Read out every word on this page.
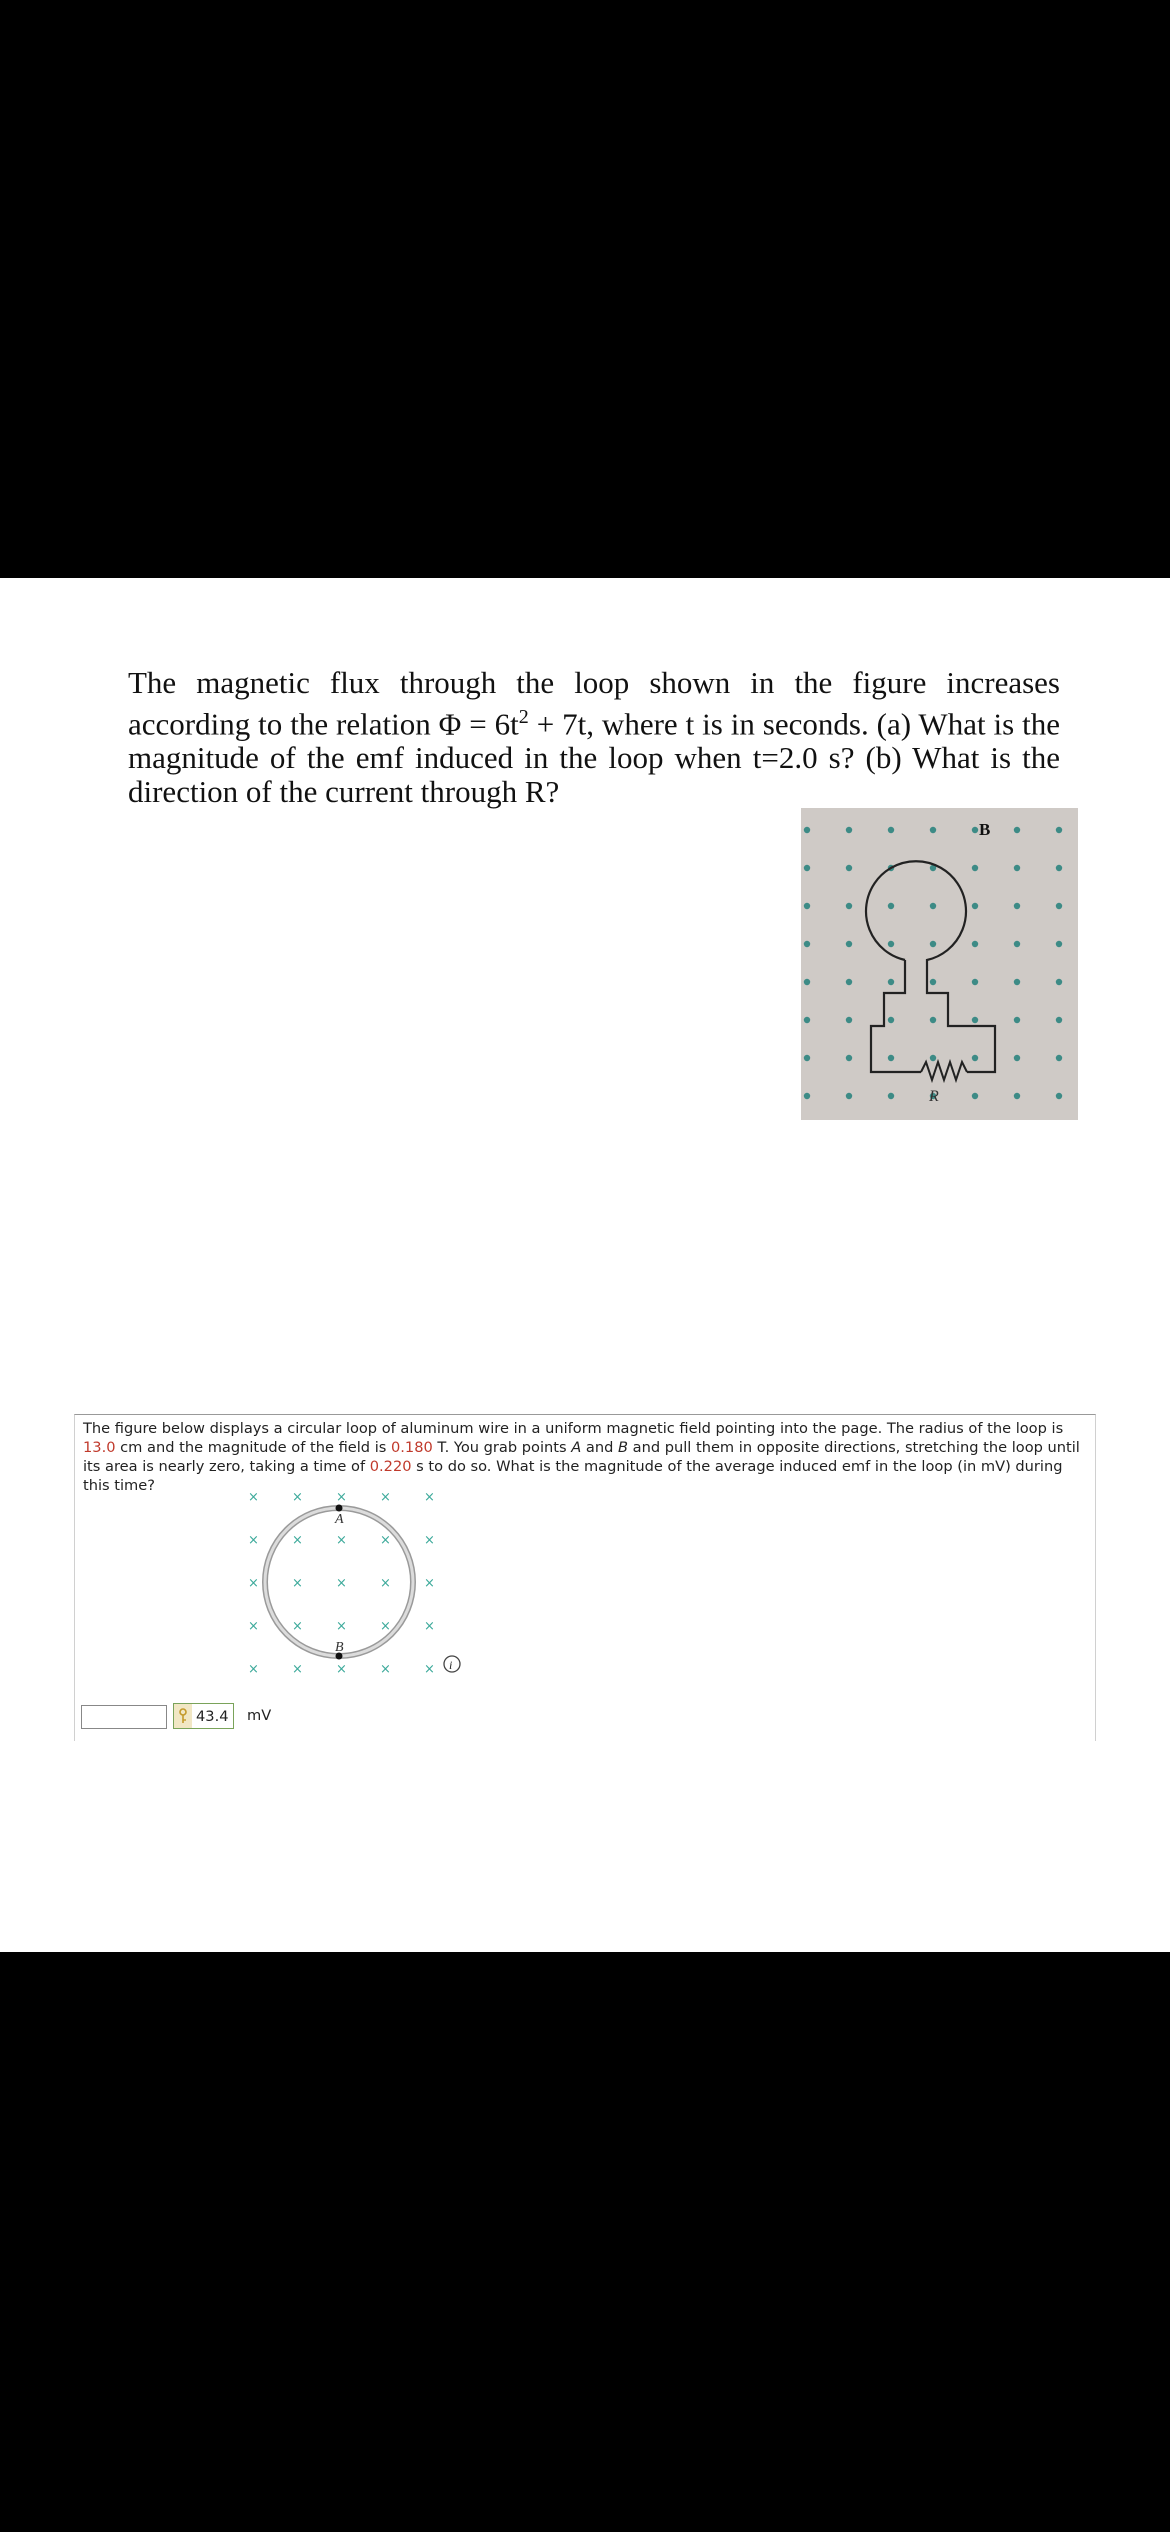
The magnetic flux through the loop shown in the figure increases according to the relation $\Phi = 6t^2 + 7t$, where t is in seconds. (a) What is the magnitude of the emf induced in the loop when t=2.0 s? (b) What is the direction of the current through R?
B
R
The figure below displays a circular loop of aluminum wire in a uniform magnetic field pointing into the page. The radius of the loop is 13.0 cm and the magnitude of the field is 0.180 T. You grab points A and B and pull them in opposite directions, stretching the loop until its area is nearly zero, taking a time of 0.220 s to do so. What is the magnitude of the average induced emf in the loop (in mV) during this time?
×	×	×	×	×
×	×	×	×	×
×	×	×	×	×
×	×	×	×	×
×	×	×	×	×
A
B
i
43.4 mV
